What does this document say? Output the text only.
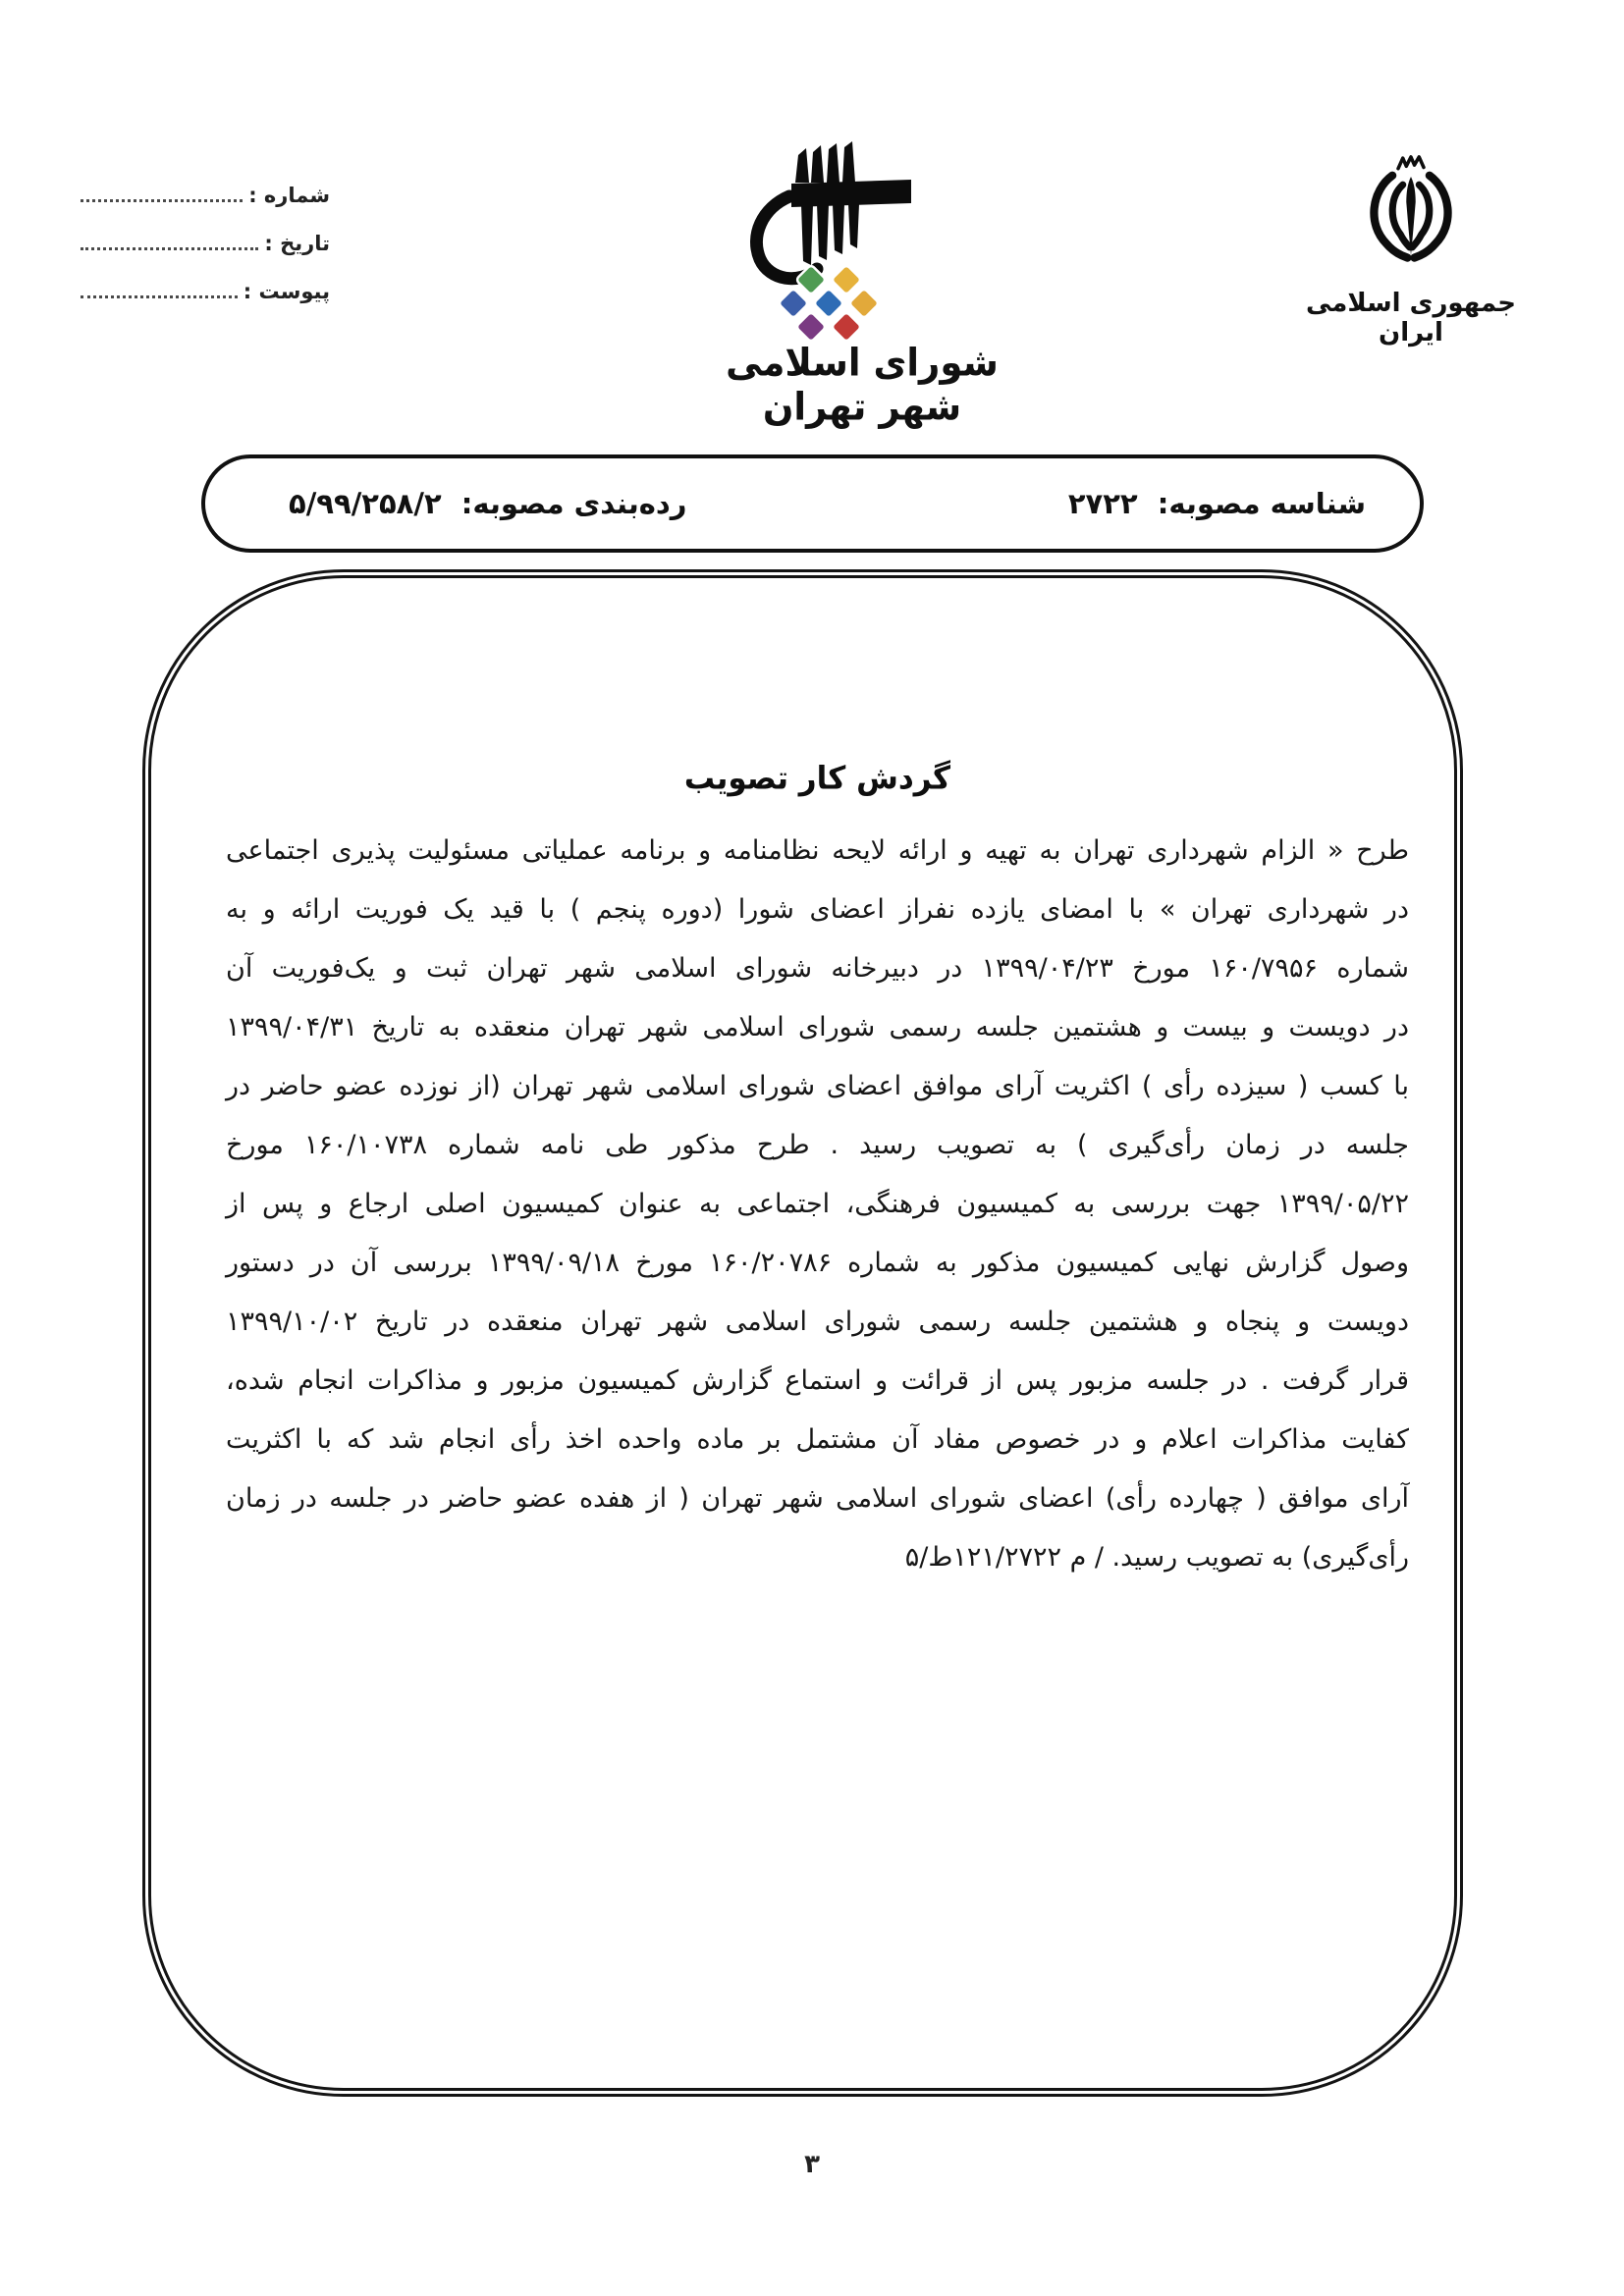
شماره :
تاریخ :
پیوست :
شورای اسلامی شهر تهران
جمهوری اسلامی ایران
شناسه مصوبه: ۲۷۲۲
رده‌بندی مصوبه: ۵/۹۹/۲۵۸/۲
گردش کار تصویب
طرح « الزام شهرداری تهران به تهیه و ارائه لایحه نظامنامه و برنامه عملیاتی مسئولیت پذیری اجتماعی
در شهرداری تهران » با امضای یازده نفراز اعضای شورا (دوره پنجم ) با قید یک فوریت ارائه و به
شماره ۱۶۰/۷۹۵۶ مورخ ۱۳۹۹/۰۴/۲۳ در دبیرخانه شورای اسلامی شهر تهران ثبت و یک‌فوریت آن
در دویست و بیست و هشتمین جلسه رسمی شورای اسلامی شهر تهران منعقده به تاریخ ۱۳۹۹/۰۴/۳۱
با کسب ( سیزده رأی ) اکثریت آرای موافق اعضای شورای اسلامی شهر تهران (از نوزده عضو حاضر در
جلسه در زمان رأی‌گیری ) به تصویب رسید . طرح مذکور طی نامه شماره ۱۶۰/۱۰۷۳۸ مورخ
۱۳۹۹/۰۵/۲۲ جهت بررسی به کمیسیون فرهنگی، اجتماعی به عنوان کمیسیون اصلی ارجاع و پس از
وصول گزارش نهایی کمیسیون مذکور به شماره ۱۶۰/۲۰۷۸۶ مورخ ۱۳۹۹/۰۹/۱۸ بررسی آن در دستور
دویست و پنجاه و هشتمین جلسه رسمی شورای اسلامی شهر تهران منعقده در تاریخ ۱۳۹۹/۱۰/۰۲
قرار گرفت . در جلسه مزبور پس از قرائت و استماع گزارش کمیسیون مزبور و مذاکرات انجام شده،
کفایت مذاکرات اعلام و در خصوص مفاد آن مشتمل بر ماده واحده اخذ رأی انجام شد که با اکثریت
آرای موافق ( چهارده رأی) اعضای شورای اسلامی شهر تهران ( از هفده عضو حاضر در جلسه در زمان
رأی‌گیری) به تصویب رسید. / م ۱۲۱/۲۷۲۲ط/۵
۳
